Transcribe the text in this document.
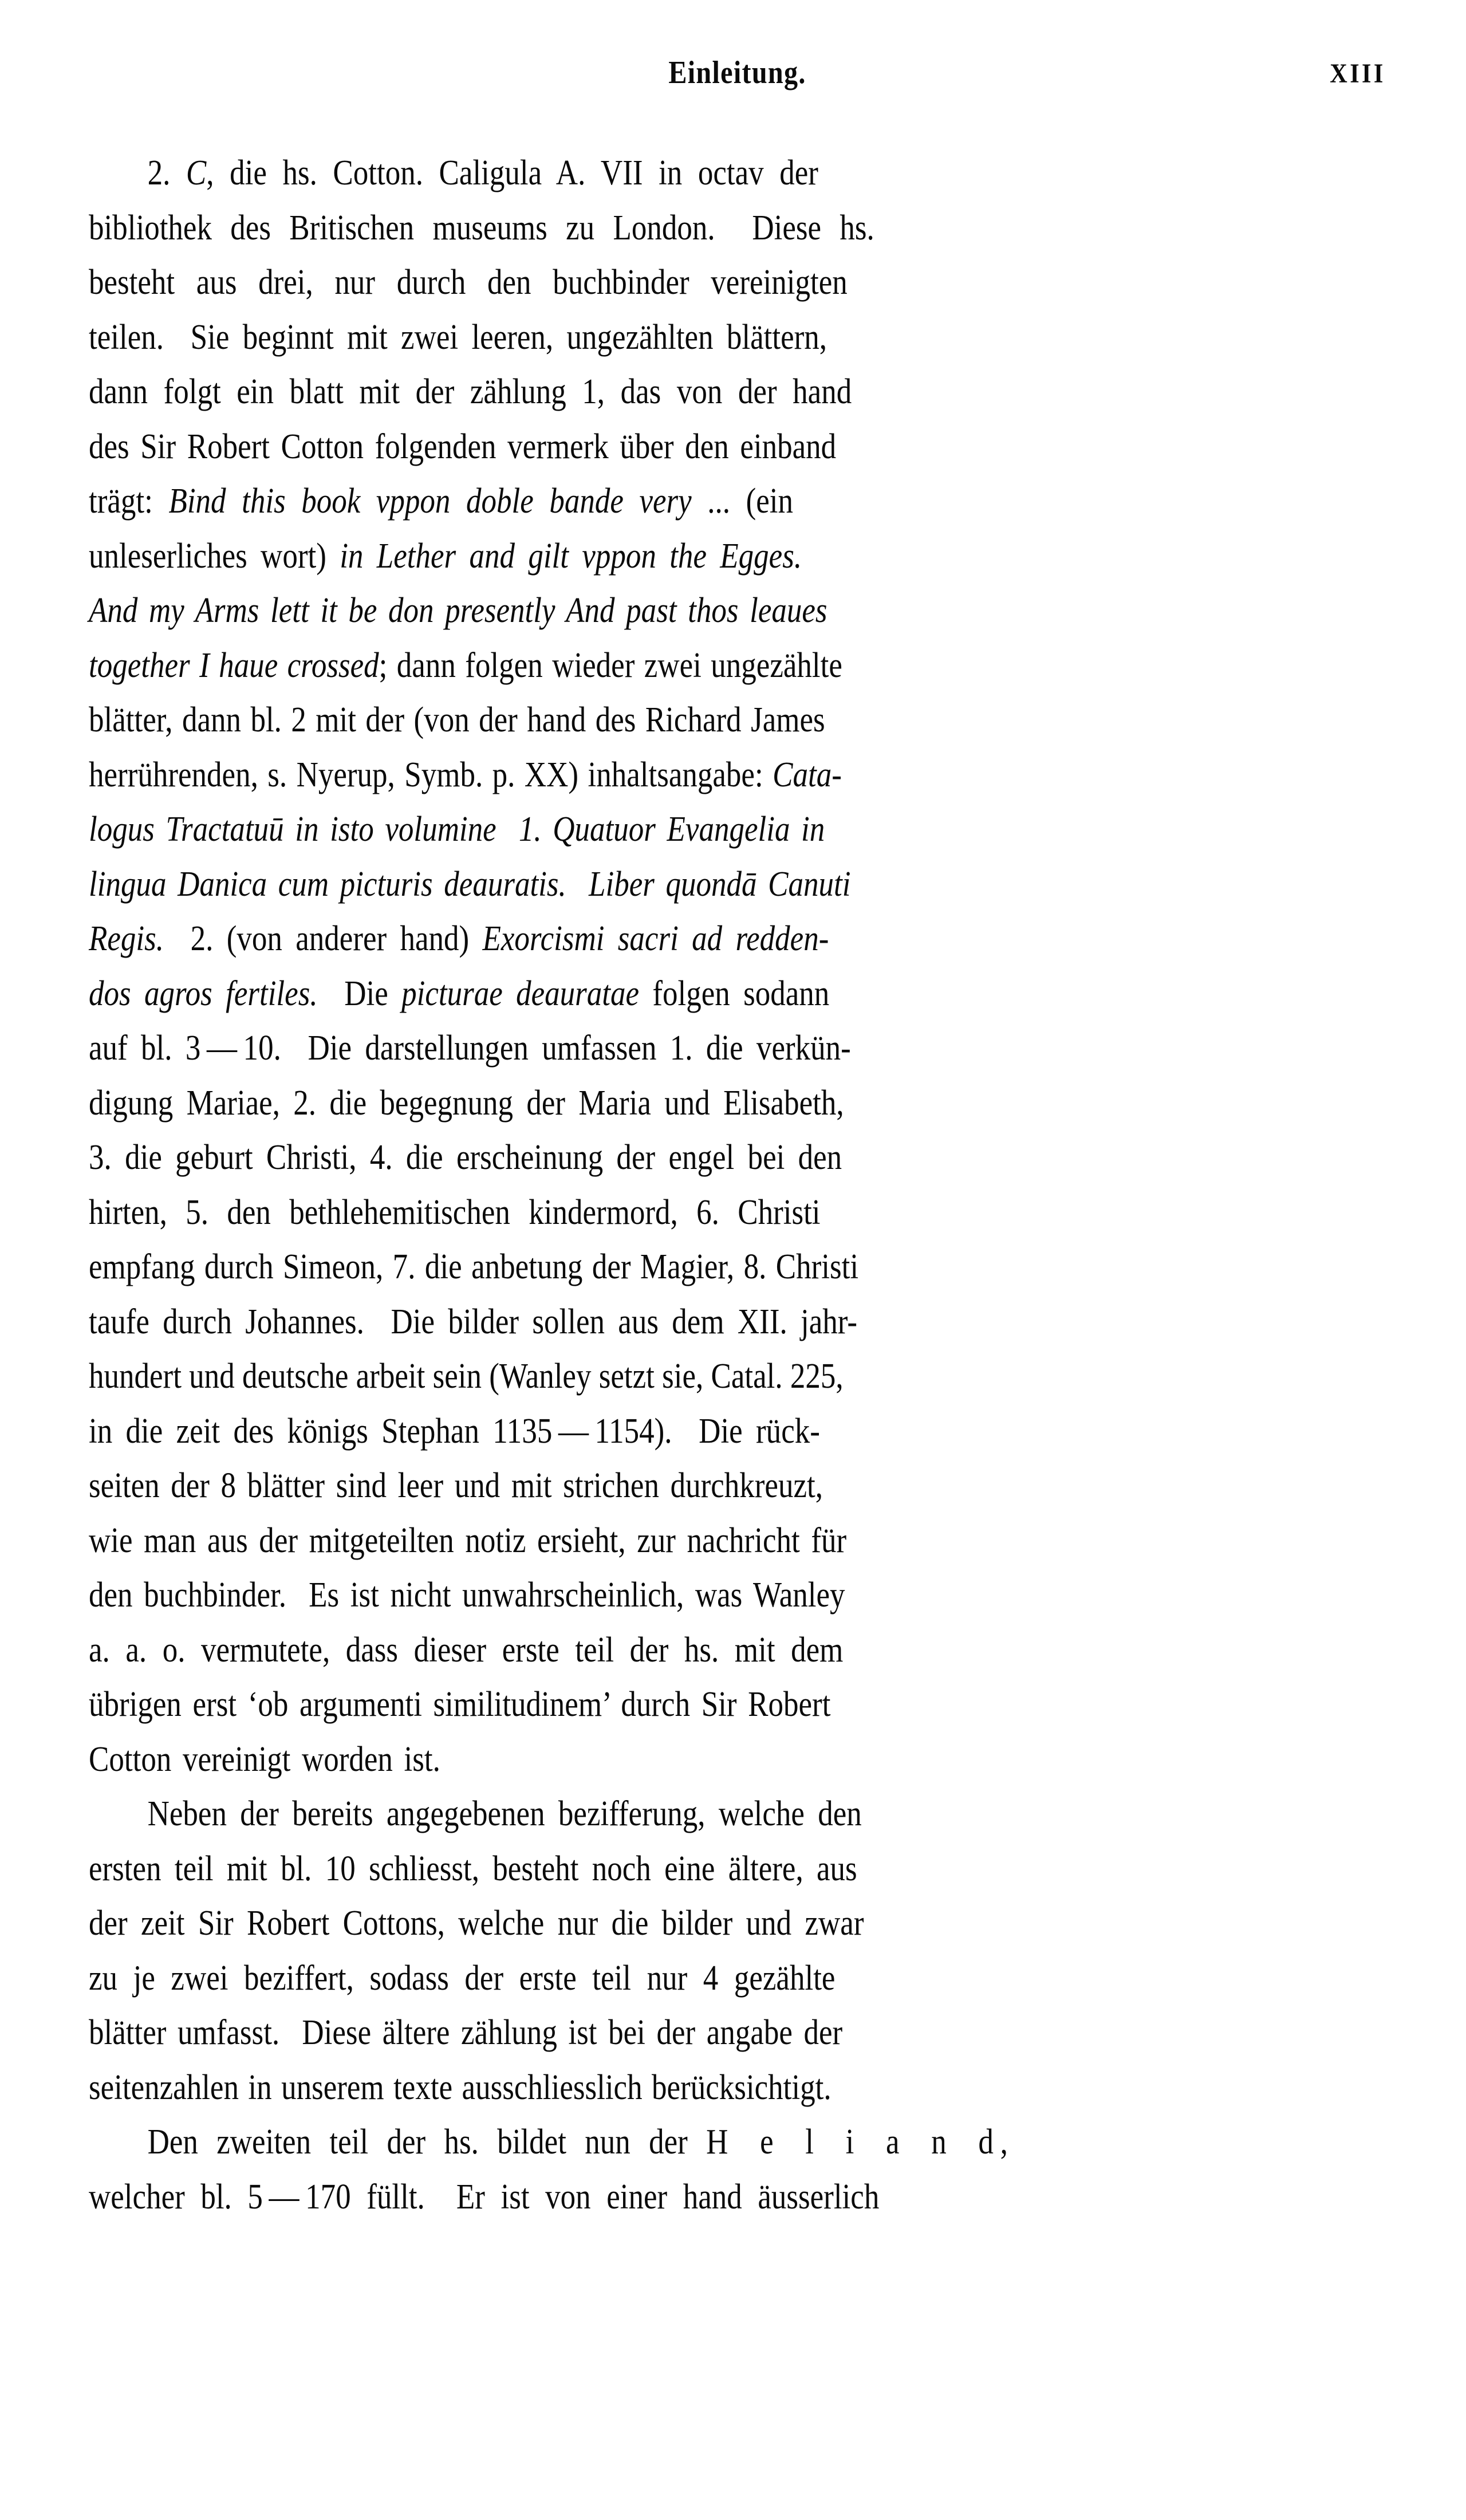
Einleitung.	XIII
2. C, die hs. Cotton. Caligula A. VII in octav der
bibliothek des Britischen museums zu London.  Diese hs.
besteht aus drei, nur durch den buchbinder vereinigten
teilen.  Sie beginnt mit zwei leeren, ungezählten blättern,
dann folgt ein blatt mit der zählung 1, das von der hand
des Sir Robert Cotton folgenden vermerk über den einband
trägt: Bind this book vppon doble bande very ... (ein
unleserliches wort) in Lether and gilt vppon the Egges.
And my Arms lett it be don presently And past thos leaues
together I haue crossed; dann folgen wieder zwei ungezählte
blätter, dann bl. 2 mit der (von der hand des Richard James
herrührenden, s. Nyerup, Symb. p. XX) inhaltsangabe: Cata-
logus Tractatuū in isto volumine 1. Quatuor Evangelia in
lingua Danica cum picturis deauratis.  Liber quondā Canuti
Regis.  2. (von anderer hand) Exorcismi sacri ad redden-
dos agros fertiles.  Die picturae deauratae folgen sodann
auf bl. 3 — 10.  Die darstellungen umfassen 1. die verkün-
digung Mariae, 2. die begegnung der Maria und Elisabeth,
3. die geburt Christi, 4. die erscheinung der engel bei den
hirten, 5. den bethlehemitischen kindermord, 6. Christi
empfang durch Simeon, 7. die anbetung der Magier, 8. Christi
taufe durch Johannes.  Die bilder sollen aus dem XII. jahr-
hundert und deutsche arbeit sein (Wanley setzt sie, Catal. 225,
in die zeit des königs Stephan 1135 — 1154).  Die rück-
seiten der 8 blätter sind leer und mit strichen durchkreuzt,
wie man aus der mitgeteilten notiz ersieht, zur nachricht für
den buchbinder.  Es ist nicht unwahrscheinlich, was Wanley
a. a. o. vermutete, dass dieser erste teil der hs. mit dem
übrigen erst ‘ob argumenti similitudinem’ durch Sir Robert
Cotton vereinigt worden ist.
Neben der bereits angegebenen bezifferung, welche den
ersten teil mit bl. 10 schliesst, besteht noch eine ältere, aus
der zeit Sir Robert Cottons, welche nur die bilder und zwar
zu je zwei beziffert, sodass der erste teil nur 4 gezählte
blätter umfasst.  Diese ältere zählung ist bei der angabe der
seitenzahlen in unserem texte ausschliesslich berücksichtigt.
Den zweiten teil der hs. bildet nun der H e l i a n d,
welcher bl. 5 — 170 füllt.  Er ist von einer hand äusserlich
